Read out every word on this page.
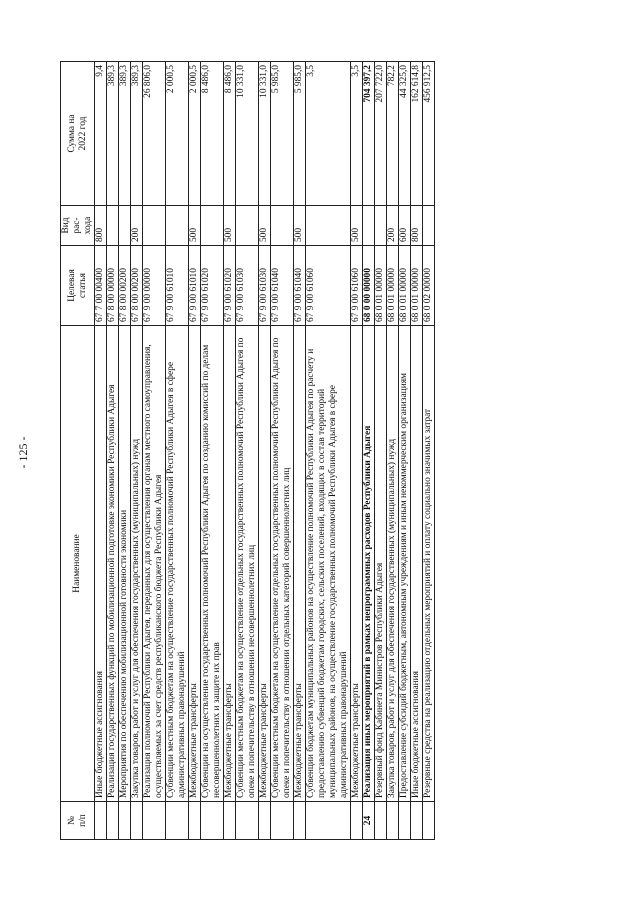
- 125 -
№ п/п	Наименование	Целевая статья	Вид рас- хода	Сумма на 2022 год

	Иные бюджетные ассигнования	67 7 00 00400	800	9,4
	Реализация государственных функций по мобилизационной подготовке экономики Республики Адыгея	67 8 00 00000		389,3
	Мероприятия по обеспечению мобилизационной готовности экономики	67 8 00 00200		389,3
	Закупка товаров, работ и услуг для обеспечения государственных (муниципальных) нужд	67 8 00 00200	200	389,3
	Реализация полномочий Республики Адыгея, переданных для осуществления органам местного самоуправления, осуществляемых за счет средств республиканского бюджета Республики Адыгея	67 9 00 00000		26 806,0
	Субвенции местным бюджетам на осуществление государственных полномочий Республики Адыгея в сфере административных правонарушений	67 9 00 61010		2 000,5
	Межбюджетные трансферты	67 9 00 61010	500	2 000,5
	Субвенции на осуществление государственных полномочий Республики Адыгея по созданию комиссий по делам несовершеннолетних и защите их прав	67 9 00 61020		8 486,0
	Межбюджетные трансферты	67 9 00 61020	500	8 486,0
	Субвенции местным бюджетам на осуществление отдельных государственных полномочий Республики Адыгея по опеке и попечительству в отношении несовершеннолетних лиц	67 9 00 61030		10 331,0
	Межбюджетные трансферты	67 9 00 61030	500	10 331,0
	Субвенции местным бюджетам на осуществление отдельных государственных полномочий Республики Адыгея по опеке и попечительству в отношении отдельных категорий совершеннолетних лиц	67 9 00 61040		5 985,0
	Межбюджетные трансферты	67 9 00 61040	500	5 985,0
	Субвенции бюджетам муниципальных районов на осуществление полномочий Республики Адыгея по расчету и предоставлению субвенций бюджетам городских, сельских поселений, входящих в состав территорий муниципальных районов, на осуществление государственных полномочий Республики Адыгея в сфере административных правонарушений	67 9 00 61060		3,5
	Межбюджетные трансферты	67 9 00 61060	500	3,5
24	Реализация иных мероприятий в рамках непрограммных расходов Республики Адыгея	68 0 00 00000		704 397,2
	Резервный фонд Кабинета Министров Республики Адыгея	68 0 01 00000		207 722,0
	Закупка товаров, работ и услуг для обеспечения государственных (муниципальных) нужд	68 0 01 00000	200	782,2
	Предоставление субсидий бюджетным, автономным учреждениям и иным некоммерческим организациям	68 0 01 00000	600	44 325,0
	Иные бюджетные ассигнования	68 0 01 00000	800	162 614,8
	Резервные средства на реализацию отдельных мероприятий и оплату социально значимых затрат	68 0 02 00000		456 912,5
